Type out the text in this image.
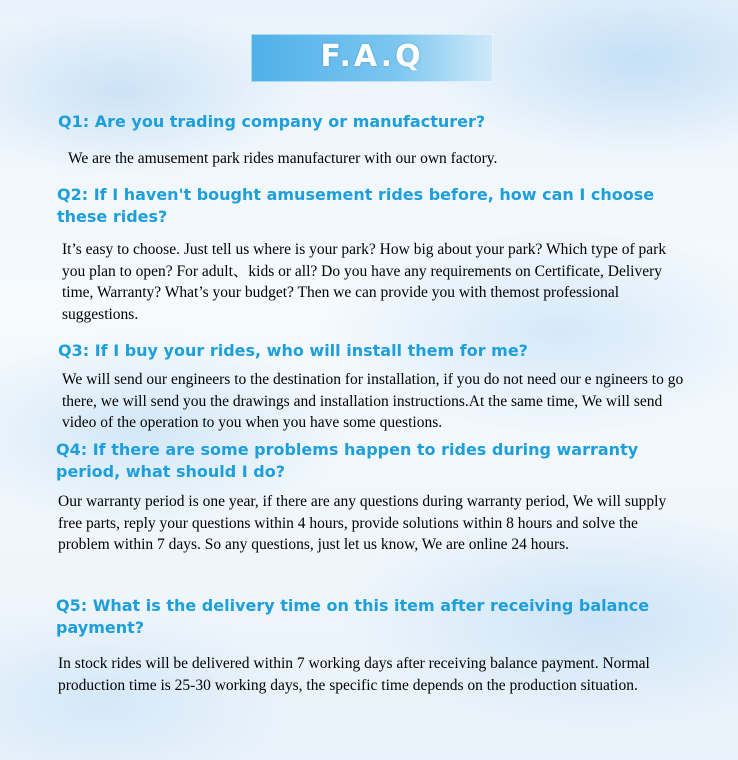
F.A.Q

Q1: Are you trading company or manufacturer?

We are the amusement park rides manufacturer with our own factory.

Q2: If I haven't bought amusement rides before, how can I choose these rides?

It’s easy to choose. Just tell us where is your park? How big about your park? Which type of park you plan to open? For adult、kids or all? Do you have any requirements on Certificate, Delivery time, Warranty? What’s your budget? Then we can provide you with themost professional suggestions.

Q3: If I buy your rides, who will install them for me?

We will send our engineers to the destination for installation, if you do not need our e ngineers to go there, we will send you the drawings and installation instructions.At the same time, We will send video of the operation to you when you have some questions.

Q4: If there are some problems happen to rides during warranty period, what should I do?

Our warranty period is one year, if there are any questions during warranty period, We will supply free parts, reply your questions within 4 hours, provide solutions within 8 hours and solve the problem within 7 days. So any questions, just let us know, We are online 24 hours.

Q5: What is the delivery time on this item after receiving balance payment?

In stock rides will be delivered within 7 working days after receiving balance payment. Normal production time is 25-30 working days, the specific time depends on the production situation.
